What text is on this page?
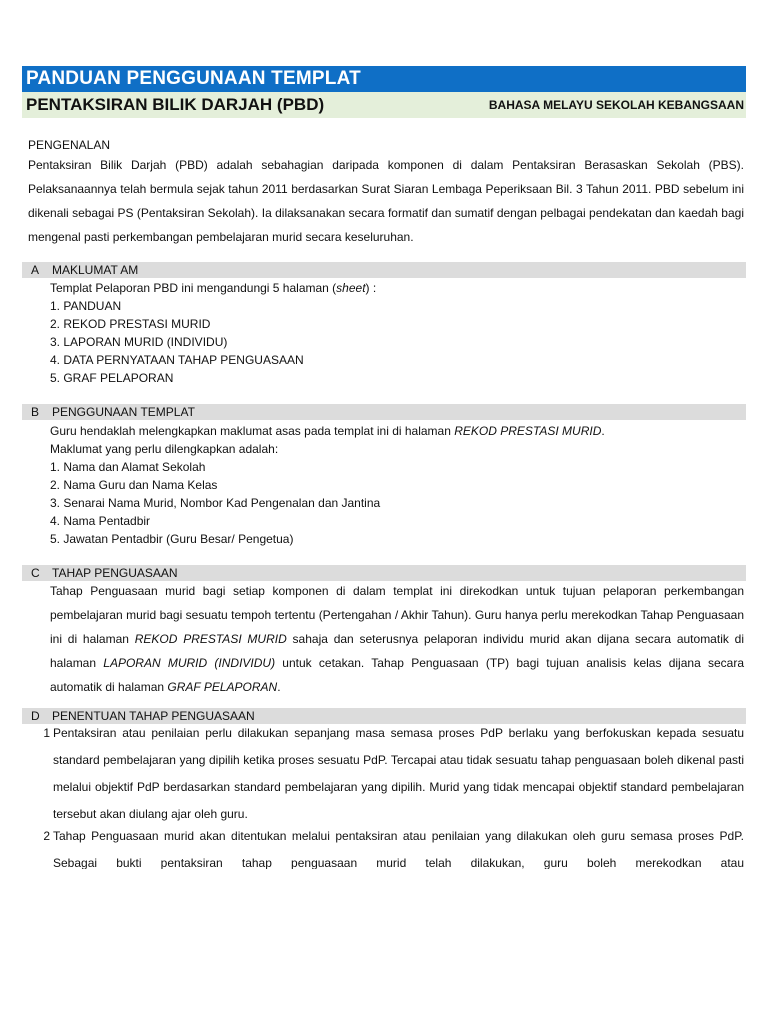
PANDUAN PENGGUNAAN TEMPLAT
PENTAKSIRAN BILIK DARJAH (PBD)	BAHASA MELAYU SEKOLAH KEBANGSAAN
PENGENALAN

Pentaksiran Bilik Darjah (PBD) adalah sebahagian daripada komponen di dalam Pentaksiran Berasaskan Sekolah (PBS). Pelaksanaannya telah bermula sejak tahun 2011 berdasarkan Surat Siaran Lembaga Peperiksaan Bil. 3 Tahun 2011. PBD sebelum ini dikenali sebagai PS (Pentaksiran Sekolah). Ia dilaksanakan secara formatif dan sumatif dengan pelbagai pendekatan dan kaedah bagi mengenal pasti perkembangan pembelajaran murid secara keseluruhan.

A MAKLUMAT AM
Templat Pelaporan PBD ini mengandungi 5 halaman (sheet) :
1. PANDUAN
2. REKOD PRESTASI MURID
3. LAPORAN MURID (INDIVIDU)
4. DATA PERNYATAAN TAHAP PENGUASAAN
5. GRAF PELAPORAN
B PENGGUNAAN TEMPLAT
Guru hendaklah melengkapkan maklumat asas pada templat ini di halaman REKOD PRESTASI MURID.
Maklumat yang perlu dilengkapkan adalah:
1. Nama dan Alamat Sekolah
2. Nama Guru dan Nama Kelas
3. Senarai Nama Murid, Nombor Kad Pengenalan dan Jantina
4. Nama Pentadbir
5. Jawatan Pentadbir (Guru Besar/ Pengetua)
C TAHAP PENGUASAAN

Tahap Penguasaan murid bagi setiap komponen di dalam templat ini direkodkan untuk tujuan pelaporan perkembangan pembelajaran murid bagi sesuatu tempoh tertentu (Pertengahan / Akhir Tahun). Guru hanya perlu merekodkan Tahap Penguasaan ini di halaman REKOD PRESTASI MURID sahaja dan seterusnya pelaporan individu murid akan dijana secara automatik di halaman LAPORAN MURID (INDIVIDU) untuk cetakan. Tahap Penguasaan (TP) bagi tujuan analisis kelas dijana secara automatik di halaman GRAF PELAPORAN.

D PENENTUAN TAHAP PENGUASAAN
1 Pentaksiran atau penilaian perlu dilakukan sepanjang masa semasa proses PdP berlaku yang berfokuskan kepada sesuatu standard pembelajaran yang dipilih ketika proses sesuatu PdP. Tercapai atau tidak sesuatu tahap penguasaan boleh dikenal pasti melalui objektif PdP berdasarkan standard pembelajaran yang dipilih. Murid yang tidak mencapai objektif standard pembelajaran tersebut akan diulang ajar oleh guru.

2 Tahap Penguasaan murid akan ditentukan melalui pentaksiran atau penilaian yang dilakukan oleh guru semasa proses PdP. Sebagai bukti pentaksiran tahap penguasaan murid telah dilakukan, guru boleh merekodkan atau
